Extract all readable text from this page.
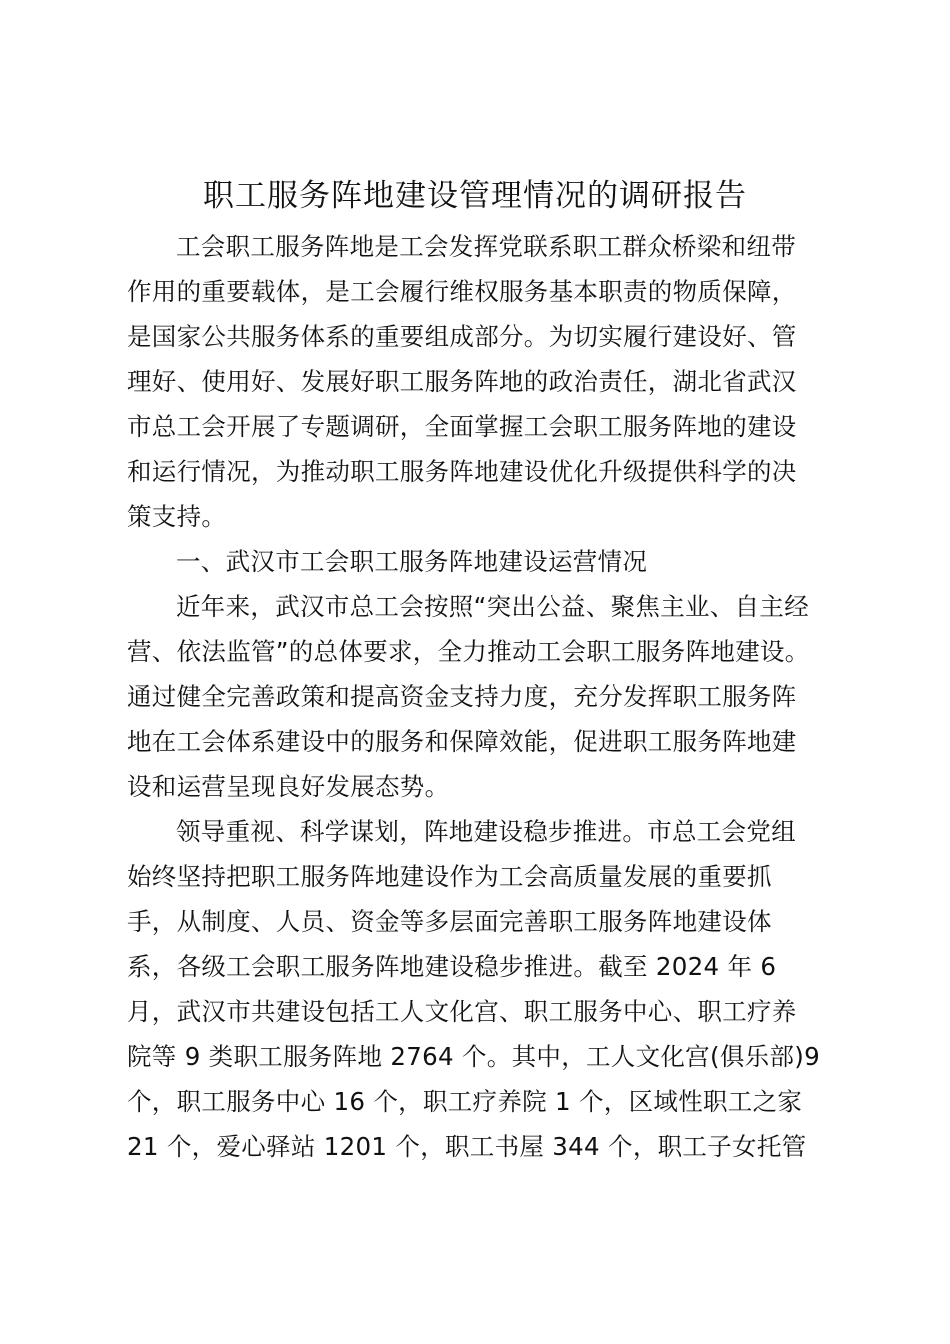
职工服务阵地建设管理情况的调研报告
工会职工服务阵地是工会发挥党联系职工群众桥梁和纽带
作用的重要载体，是工会履行维权服务基本职责的物质保障，
是国家公共服务体系的重要组成部分。为切实履行建设好、管
理好、使用好、发展好职工服务阵地的政治责任，湖北省武汉
市总工会开展了专题调研，全面掌握工会职工服务阵地的建设
和运行情况，为推动职工服务阵地建设优化升级提供科学的决
策支持。
一、武汉市工会职工服务阵地建设运营情况
近年来，武汉市总工会按照“突出公益、聚焦主业、自主经
营、依法监管”的总体要求，全力推动工会职工服务阵地建设。
通过健全完善政策和提高资金支持力度，充分发挥职工服务阵
地在工会体系建设中的服务和保障效能，促进职工服务阵地建
设和运营呈现良好发展态势。
领导重视、科学谋划，阵地建设稳步推进。市总工会党组
始终坚持把职工服务阵地建设作为工会高质量发展的重要抓
手，从制度、人员、资金等多层面完善职工服务阵地建设体
系，各级工会职工服务阵地建设稳步推进。截至 2024 年 6
月，武汉市共建设包括工人文化宫、职工服务中心、职工疗养
院等 9 类职工服务阵地 2764 个。其中，工人文化宫(俱乐部)9
个，职工服务中心 16 个，职工疗养院 1 个，区域性职工之家
21 个，爱心驿站 1201 个，职工书屋 344 个，职工子女托管
